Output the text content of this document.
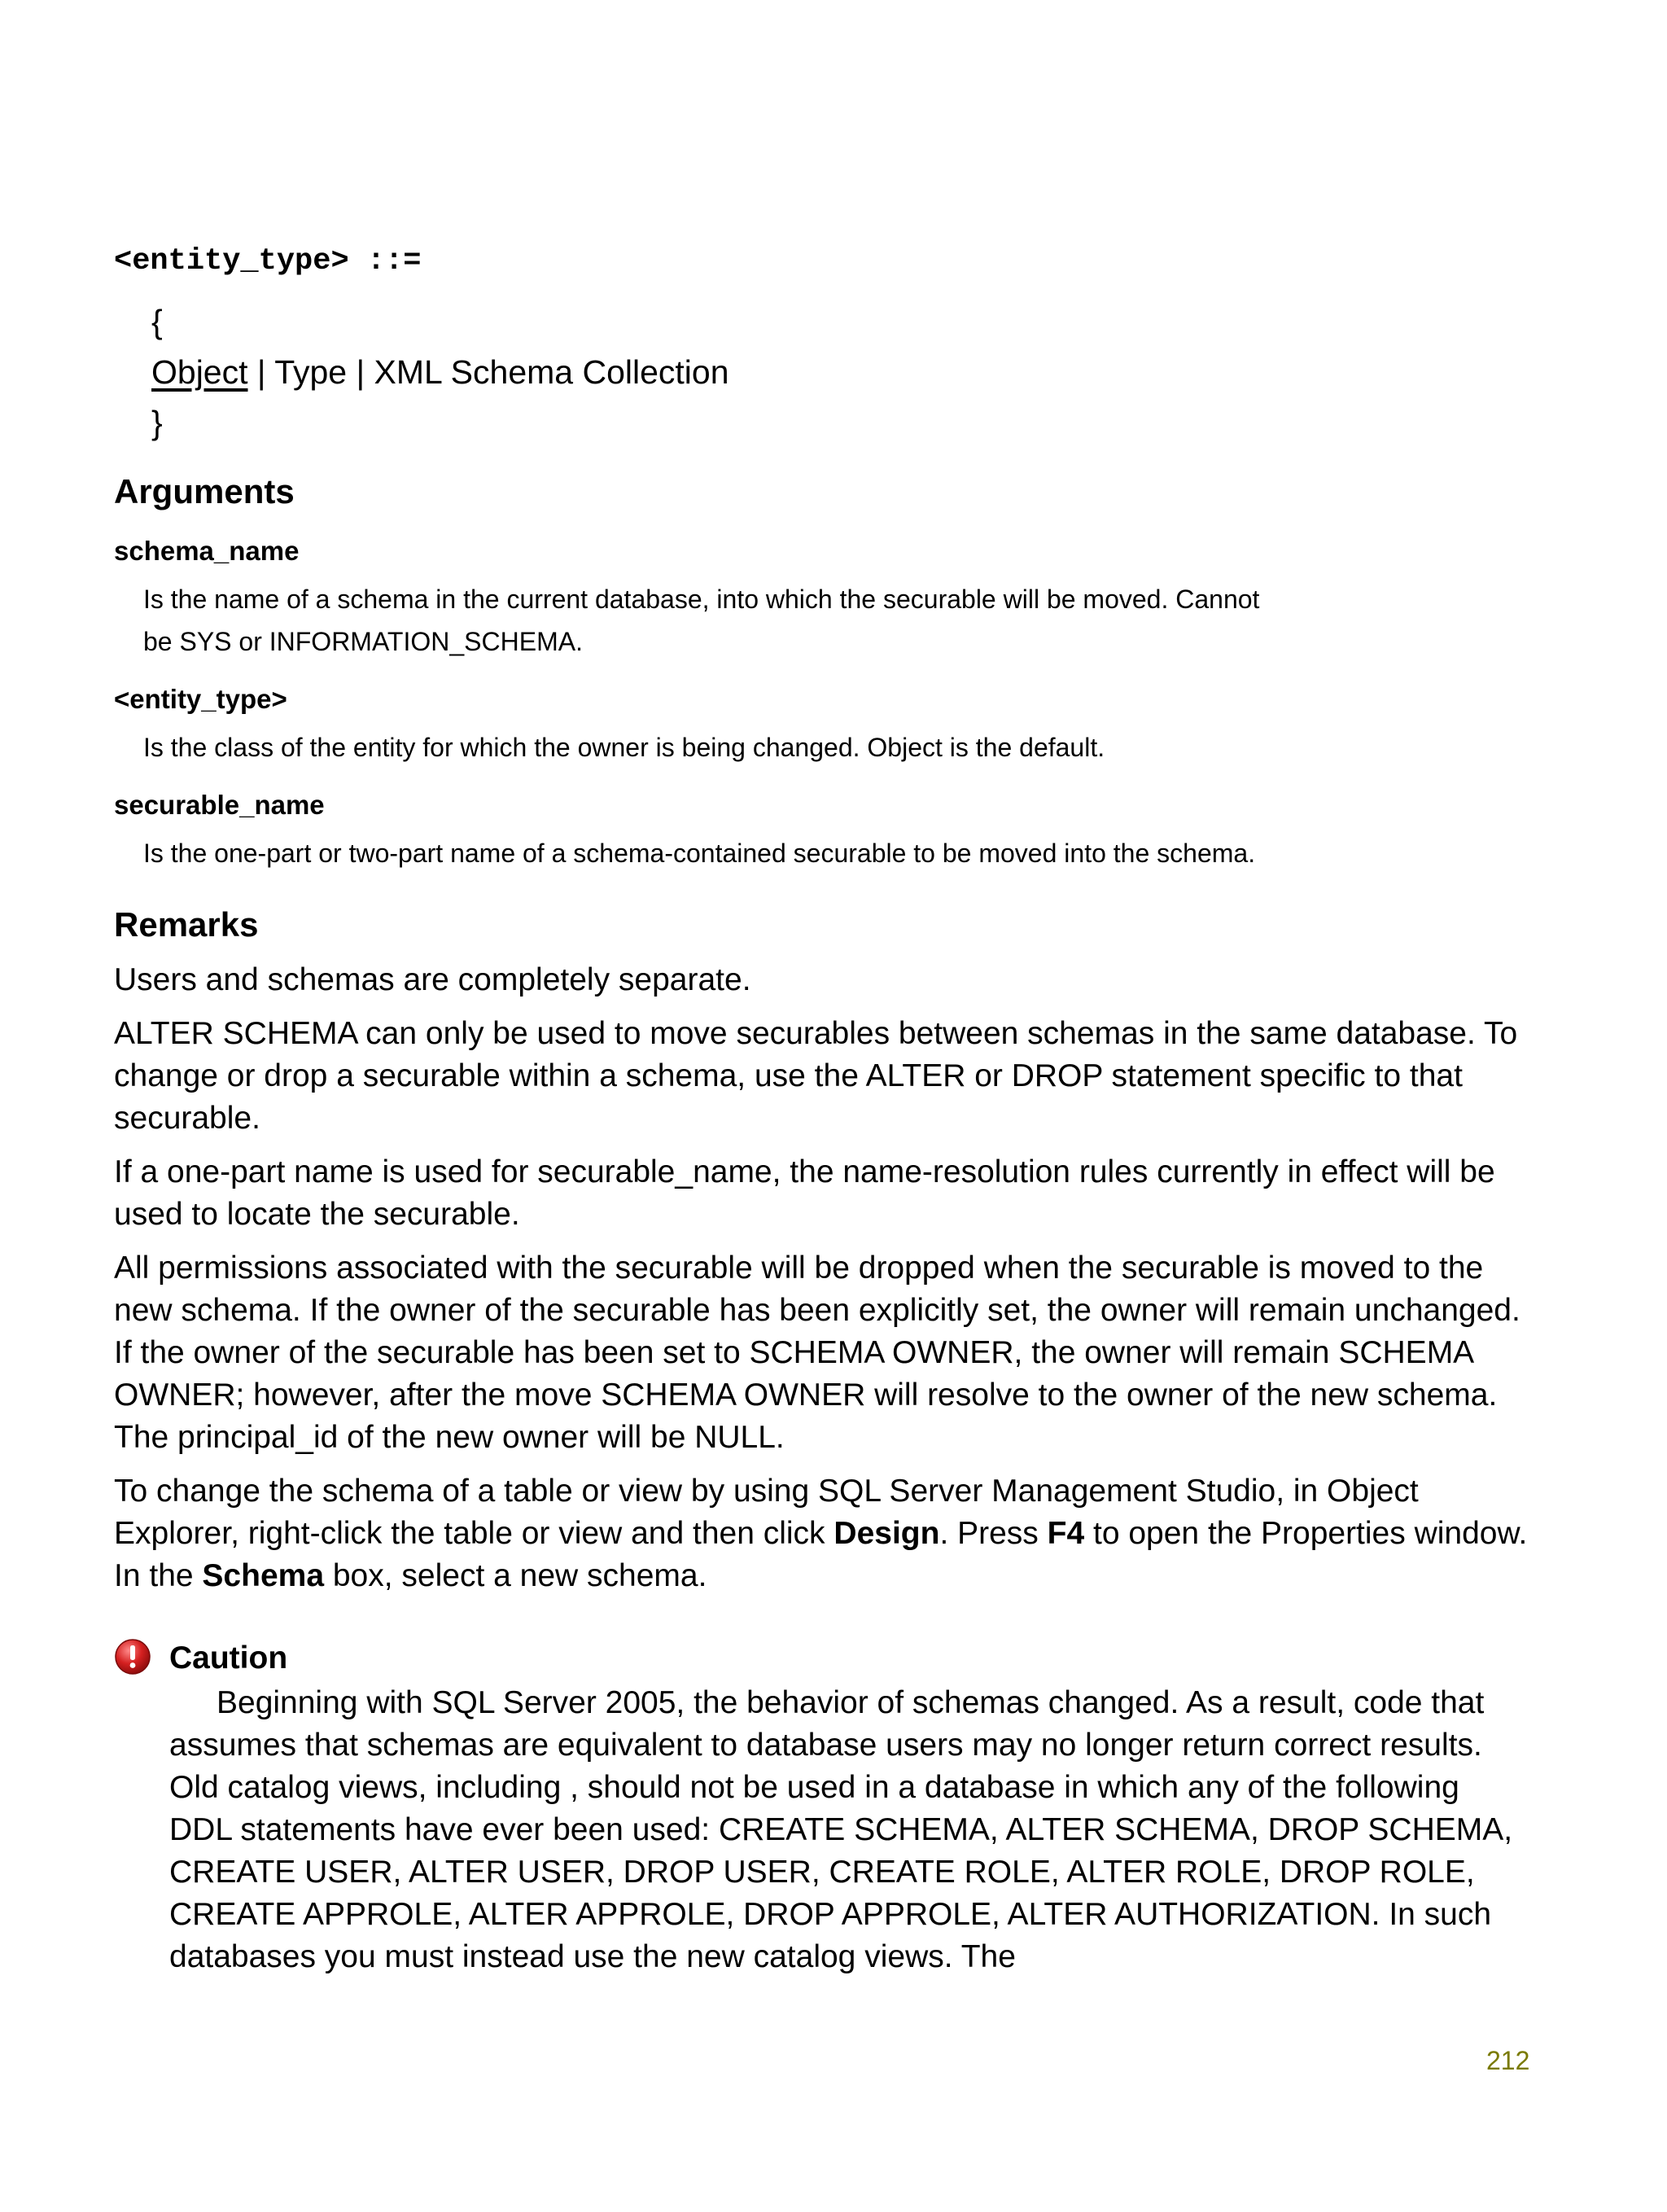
<entity_type> ::=
{
Object | Type | XML Schema Collection
}
Arguments
schema_name
Is the name of a schema in the current database, into which the securable will be moved. Cannot be SYS or INFORMATION_SCHEMA.
<entity_type>
Is the class of the entity for which the owner is being changed. Object is the default.
securable_name
Is the one-part or two-part name of a schema-contained securable to be moved into the schema.
Remarks

Users and schemas are completely separate.

ALTER SCHEMA can only be used to move securables between schemas in the same database. To change or drop a securable within a schema, use the ALTER or DROP statement specific to that securable.

If a one-part name is used for securable_name, the name-resolution rules currently in effect will be used to locate the securable.

All permissions associated with the securable will be dropped when the securable is moved to the new schema. If the owner of the securable has been explicitly set, the owner will remain unchanged. If the owner of the securable has been set to SCHEMA OWNER, the owner will remain SCHEMA OWNER; however, after the move SCHEMA OWNER will resolve to the owner of the new schema. The principal_id of the new owner will be NULL.

To change the schema of a table or view by using SQL Server Management Studio, in Object Explorer, right-click the table or view and then click Design. Press F4 to open the Properties window. In the Schema box, select a new schema.

Caution
Beginning with SQL Server 2005, the behavior of schemas changed. As a result, code that assumes that schemas are equivalent to database users may no longer return correct results. Old catalog views, including , should not be used in a database in which any of the following DDL statements have ever been used: CREATE SCHEMA, ALTER SCHEMA, DROP SCHEMA, CREATE USER, ALTER USER, DROP USER, CREATE ROLE, ALTER ROLE, DROP ROLE, CREATE APPROLE, ALTER APPROLE, DROP APPROLE, ALTER AUTHORIZATION. In such databases you must instead use the new catalog views. The
212
